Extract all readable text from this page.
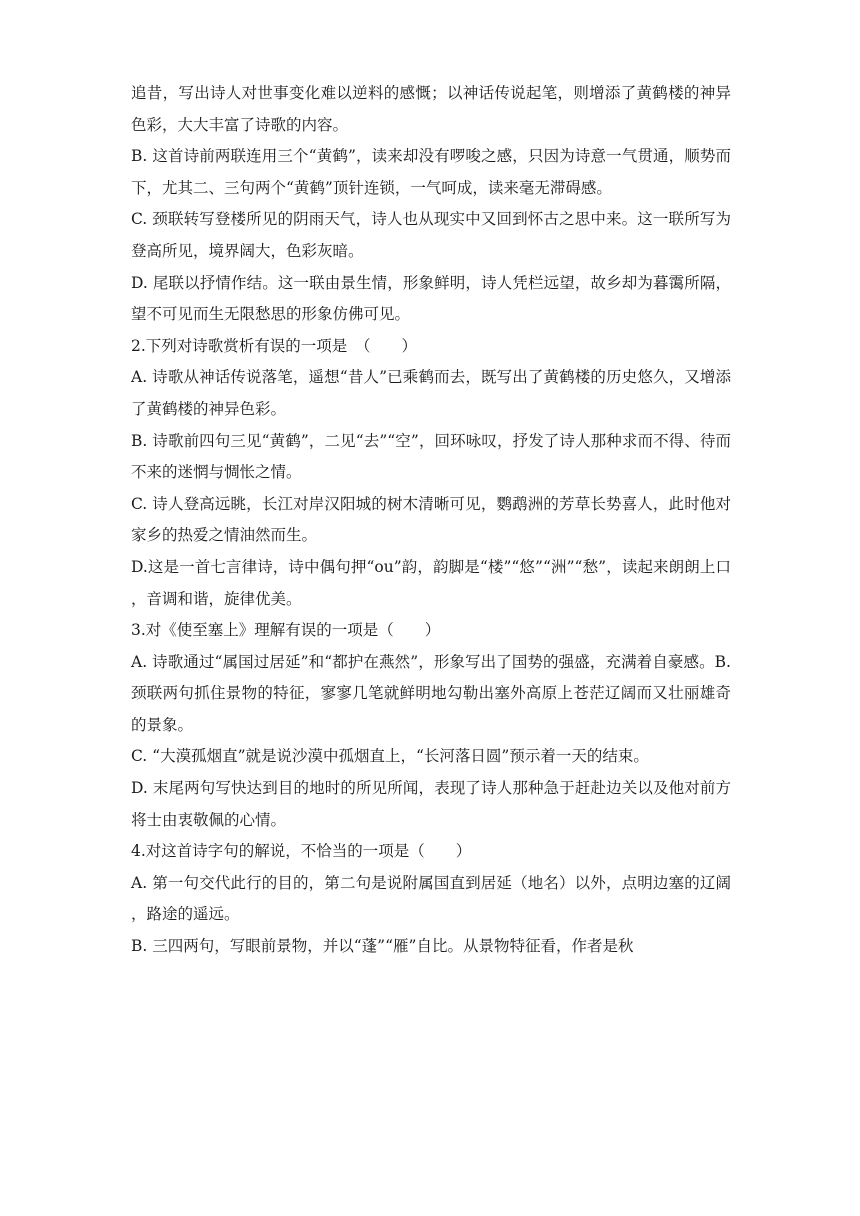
追昔，写出诗人对世事变化难以逆料的感慨；以神话传说起笔，则增添了黄鹤楼的神异色彩，大大丰富了诗歌的内容。

B. 这首诗前两联连用三个“黄鹤”，读来却没有啰唆之感，只因为诗意一气贯通，顺势而下，尤其二、三句两个“黄鹤”顶针连锁，一气呵成，读来毫无滞碍感。

C. 颈联转写登楼所见的阴雨天气，诗人也从现实中又回到怀古之思中来。这一联所写为登高所见，境界阔大，色彩灰暗。

D. 尾联以抒情作结。这一联由景生情，形象鲜明，诗人凭栏远望，故乡却为暮霭所隔，望不可见而生无限愁思的形象仿佛可见。

2.下列对诗歌赏析有误的一项是　（　　）

A. 诗歌从神话传说落笔，遥想“昔人”已乘鹤而去，既写出了黄鹤楼的历史悠久，又增添了黄鹤楼的神异色彩。

B. 诗歌前四句三见“黄鹤”，二见“去”“空”，回环咏叹，抒发了诗人那种求而不得、待而不来的迷惘与惆怅之情。

C. 诗人登高远眺，长江对岸汉阳城的树木清晰可见，鹦鹉洲的芳草长势喜人，此时他对家乡的热爱之情油然而生。

D.这是一首七言律诗，诗中偶句押“ou”韵，韵脚是“楼”“悠”“洲”“愁”，读起来朗朗上口，音调和谐，旋律优美。

3.对《使至塞上》理解有误的一项是（　　）

A. 诗歌通过“属国过居延”和“都护在燕然”，形象写出了国势的强盛，充满着自豪感。B. 颈联两句抓住景物的特征，寥寥几笔就鲜明地勾勒出塞外高原上苍茫辽阔而又壮丽雄奇的景象。

C. “大漠孤烟直”就是说沙漠中孤烟直上，“长河落日圆”预示着一天的结束。

D. 末尾两句写快达到目的地时的所见所闻，表现了诗人那种急于赶赴边关以及他对前方将士由衷敬佩的心情。

4.对这首诗字句的解说，不恰当的一项是（　　）

A. 第一句交代此行的目的，第二句是说附属国直到居延（地名）以外，点明边塞的辽阔，路途的遥远。

B. 三四两句，写眼前景物，并以“蓬”“雁”自比。从景物特征看，作者是秋
